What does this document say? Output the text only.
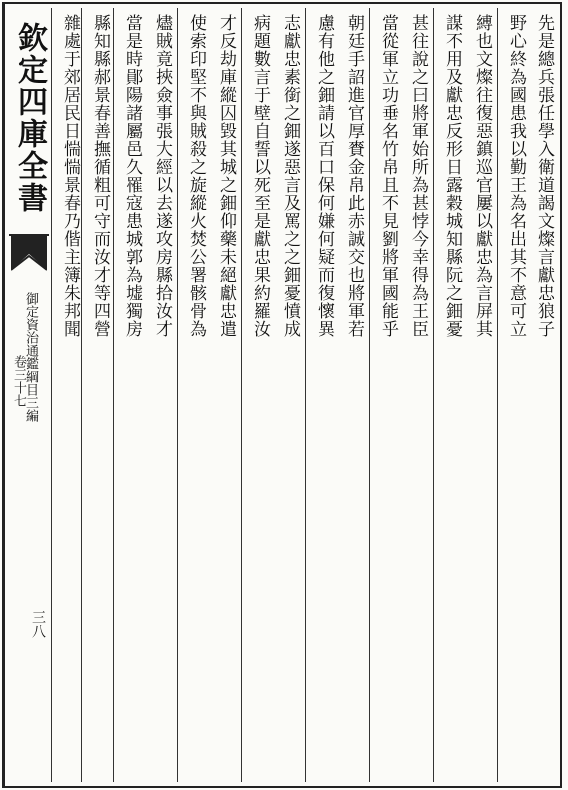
欽定四庫全書
御定資治通鑑綱目三編
卷三十七
三八
先是總兵張任學入衛道謁文燦言獻忠狼子
野心終為國患我以勤王為名出其不意可立
縛也文燦往復惡鎮巡官屢以獻忠為言屏其
謀不用及獻忠反形日露穀城知縣阮之鈿憂
甚往說之曰將軍始所為甚悖今幸得為王臣
當從軍立功垂名竹帛且不見劉將軍國能乎
朝廷手詔進官厚賚金帛此赤誠交也將軍若
慮有他之鈿請以百口保何嫌何疑而復懷異
志獻忠素銜之鈿遂惡言及罵之之鈿憂憤成
病題數言于壁自誓以死至是獻忠果約羅汝
才反劫庫縱囚毀其城之鈿仰藥未絕獻忠遣
使索印堅不與賊殺之旋縱火焚公署骸骨為
燼賊竟挾僉事張大經以去遂攻房縣拾汝才
當是時鄖陽諸屬邑久罹寇患城郭為墟獨房
縣知縣郝景春善撫循粗可守而汝才等四營
雜處于郊居民日惴惴景春乃偕主簿朱邦聞
